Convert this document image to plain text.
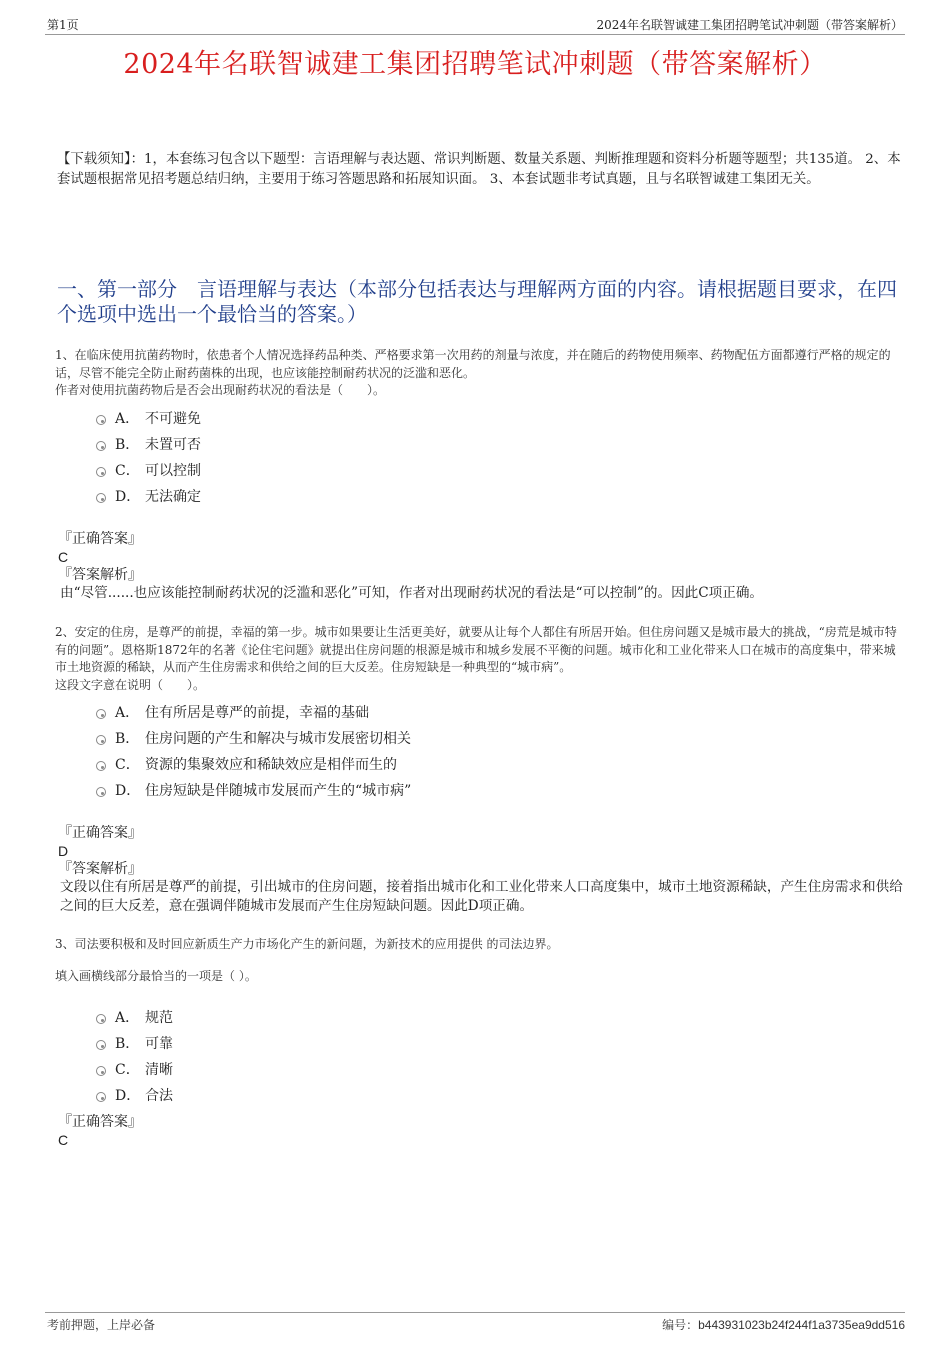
第1页	2024年名联智诚建工集团招聘笔试冲刺题（带答案解析）
2024年名联智诚建工集团招聘笔试冲刺题（带答案解析）
【下载须知】：1，本套练习包含以下题型：言语理解与表达题、常识判断题、数量关系题、判断推理题和资料分析题等题型；共135道。 2、本套试题根据常见招考题总结归纳，主要用于练习答题思路和拓展知识面。 3、本套试题非考试真题，且与名联智诚建工集团无关。
一、第一部分　言语理解与表达（本部分包括表达与理解两方面的内容。请根据题目要求，在四个选项中选出一个最恰当的答案。）
1、在临床使用抗菌药物时，依患者个人情况选择药品种类、严格要求第一次用药的剂量与浓度，并在随后的药物使用频率、药物配伍方面都遵行严格的规定的话，尽管不能完全防止耐药菌株的出现，也应该能控制耐药状况的泛滥和恶化。
作者对使用抗菌药物后是否会出现耐药状况的看法是（　　）。
A． 不可避免
B． 未置可否
C． 可以控制
D． 无法确定
『正确答案』
C
『答案解析』
由“尽管......也应该能控制耐药状况的泛滥和恶化”可知，作者对出现耐药状况的看法是“可以控制”的。因此C项正确。
2、安定的住房，是尊严的前提，幸福的第一步。城市如果要让生活更美好，就要从让每个人都住有所居开始。但住房问题又是城市最大的挑战，“房荒是城市特有的问题”。恩格斯1872年的名著《论住宅问题》就提出住房问题的根源是城市和城乡发展不平衡的问题。城市化和工业化带来人口在城市的高度集中，带来城市土地资源的稀缺，从而产生住房需求和供给之间的巨大反差。住房短缺是一种典型的“城市病”。
这段文字意在说明（　　）。
A． 住有所居是尊严的前提，幸福的基础
B． 住房问题的产生和解决与城市发展密切相关
C． 资源的集聚效应和稀缺效应是相伴而生的
D． 住房短缺是伴随城市发展而产生的“城市病”
『正确答案』
D
『答案解析』
文段以住有所居是尊严的前提，引出城市的住房问题，接着指出城市化和工业化带来人口高度集中，城市土地资源稀缺，产生住房需求和供给之间的巨大反差，意在强调伴随城市发展而产生住房短缺问题。因此D项正确。
3、司法要积极和及时回应新质生产力市场化产生的新问题，为新技术的应用提供 的司法边界。
填入画横线部分最恰当的一项是（ ）。
A． 规范
B． 可靠
C． 清晰
D． 合法
『正确答案』
C
考前押题，上岸必备	编号：b443931023b24f244f1a3735ea9dd516
